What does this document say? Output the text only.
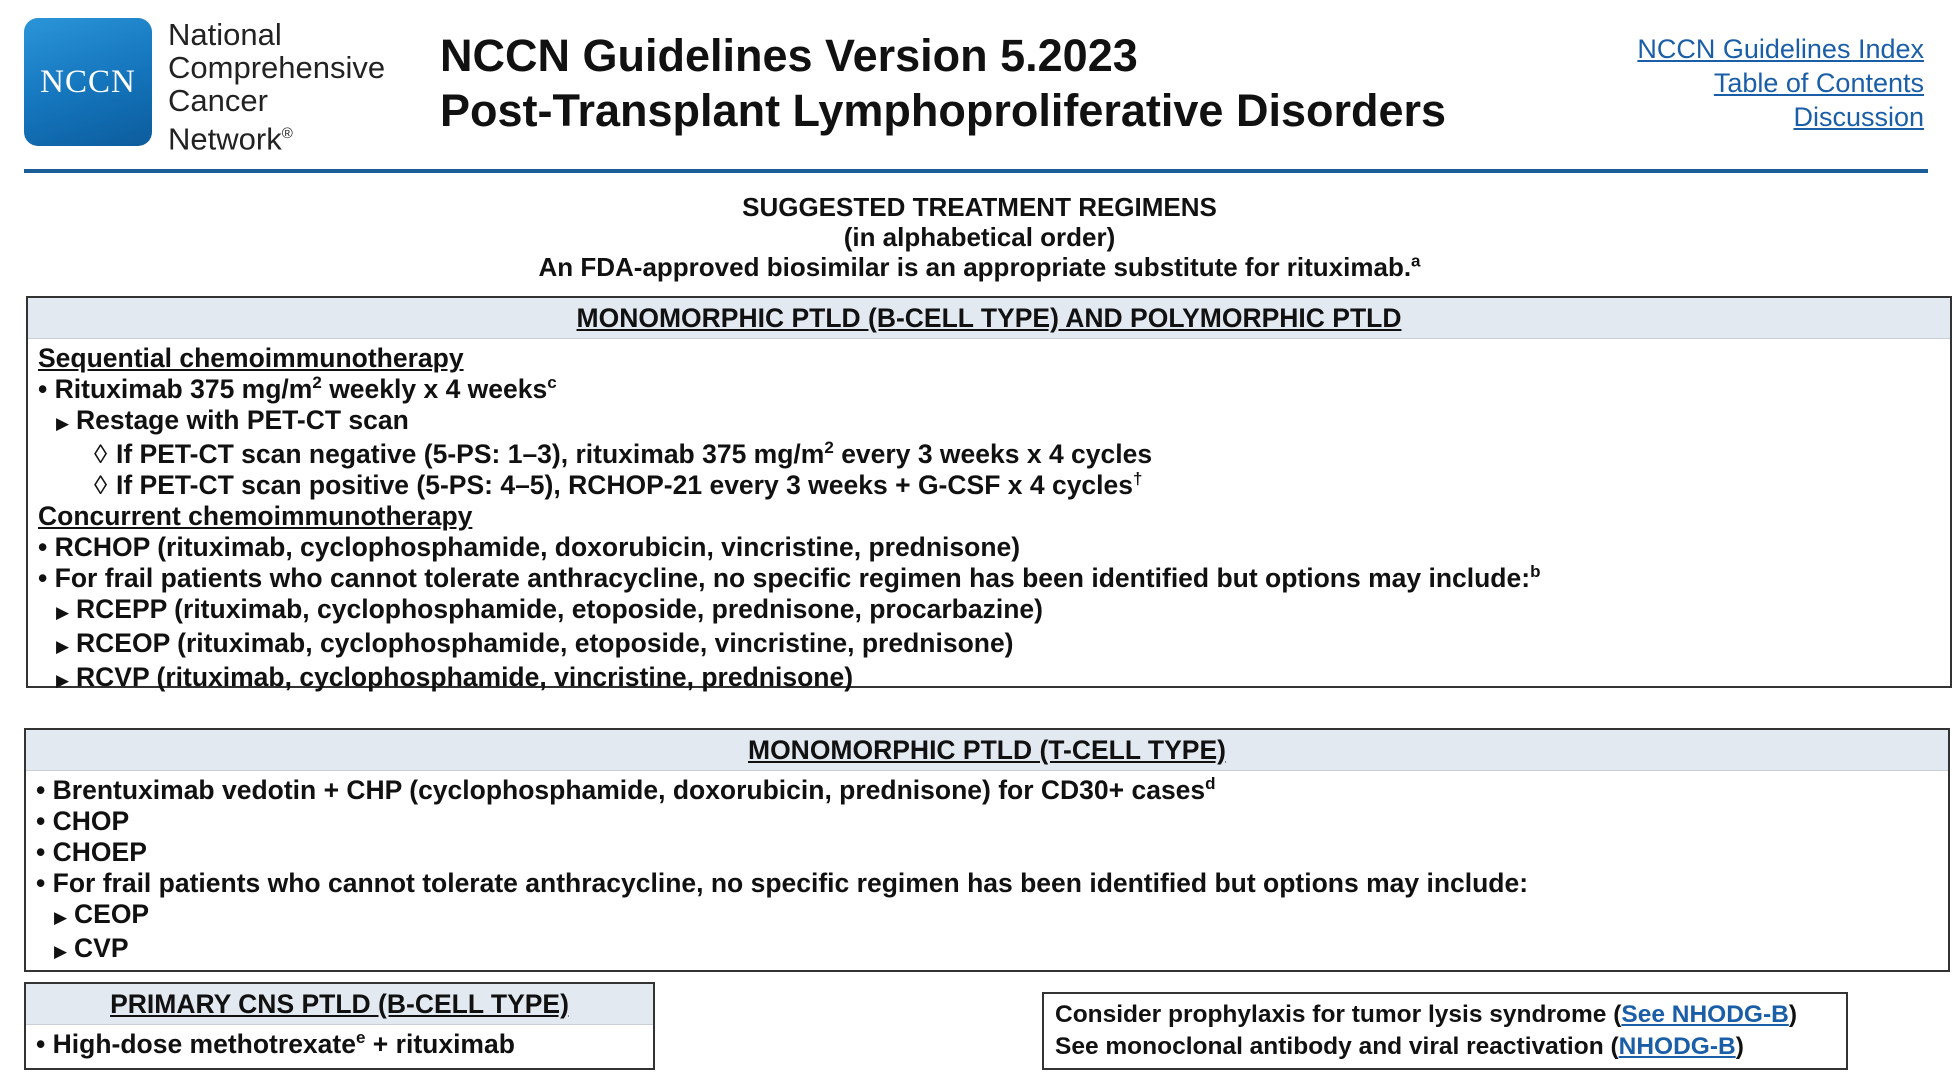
NCCN
National
Comprehensive
Cancer
Network®
NCCN Guidelines Version 5.2023
Post-Transplant Lymphoproliferative Disorders
NCCN Guidelines Index
Table of Contents
Discussion
SUGGESTED TREATMENT REGIMENS
(in alphabetical order)
An FDA-approved biosimilar is an appropriate substitute for rituximab.$^a$
MONOMORPHIC PTLD (B-CELL TYPE) AND POLYMORPHIC PTLD
Sequential chemoimmunotherapy
• Rituximab 375 $mg/m^2$ weekly x 4 weeks$^c$
▶ Restage with PET-CT scan
◊ If PET-CT scan negative (5-PS: 1–3), rituximab 375 $mg/m^2$ every 3 weeks x 4 cycles
◊ If PET-CT scan positive (5-PS: 4–5), RCHOP-21 every 3 weeks + G-CSF x 4 cycles†
Concurrent chemoimmunotherapy
• RCHOP (rituximab, cyclophosphamide, doxorubicin, vincristine, prednisone)
• For frail patients who cannot tolerate anthracycline, no specific regimen has been identified but options may include:$^b$
▶ RCEPP (rituximab, cyclophosphamide, etoposide, prednisone, procarbazine)
▶ RCEOP (rituximab, cyclophosphamide, etoposide, vincristine, prednisone)
▶ RCVP (rituximab, cyclophosphamide, vincristine, prednisone)
MONOMORPHIC PTLD (T-CELL TYPE)
• Brentuximab vedotin + CHP (cyclophosphamide, doxorubicin, prednisone) for CD30+ cases$^d$
• CHOP
• CHOEP
• For frail patients who cannot tolerate anthracycline, no specific regimen has been identified but options may include:
▶ CEOP
▶ CVP
PRIMARY CNS PTLD (B-CELL TYPE)
• High-dose methotrexate$^e$ + rituximab
Consider prophylaxis for tumor lysis syndrome (See NHODG-B)
See monoclonal antibody and viral reactivation (NHODG-B)
